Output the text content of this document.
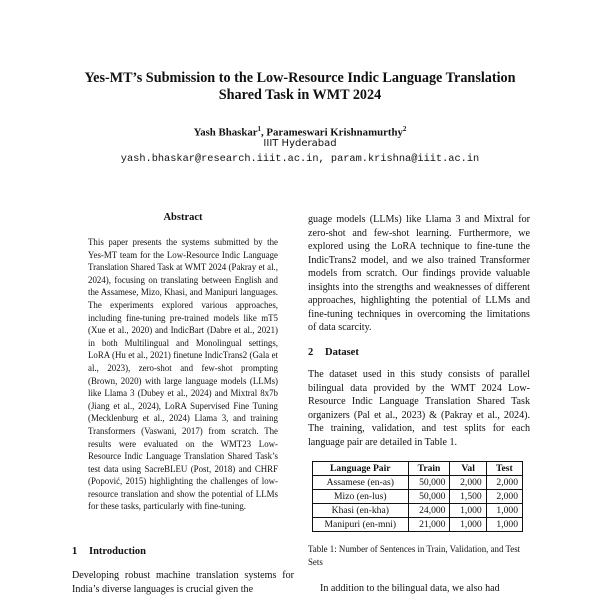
Yes-MT’s Submission to the Low-Resource Indic Language Translation
Shared Task in WMT 2024
Yash Bhaskar$^1$, Parameswari Krishnamurthy$^2$
IIIT Hyderabad
yash.bhaskar@research.iiit.ac.in, param.krishna@iiit.ac.in
Abstract
This paper presents the systems submitted by the Yes-MT team for the Low-Resource Indic Language Translation Shared Task at WMT 2024 (Pakray et al., 2024), focusing on translating between English and the Assamese, Mizo, Khasi, and Manipuri languages. The experiments explored various approaches, including fine-tuning pre-trained models like mT5 (Xue et al., 2020) and IndicBart (Dabre et al., 2021) in both Multilingual and Monolingual settings, LoRA (Hu et al., 2021) finetune IndicTrans2 (Gala et al., 2023), zero-shot and few-shot prompting (Brown, 2020) with large language models (LLMs) like Llama 3 (Dubey et al., 2024) and Mixtral 8x7b (Jiang et al., 2024), LoRA Supervised Fine Tuning (Mecklenburg et al., 2024) Llama 3, and training Transformers (Vaswani, 2017) from scratch. The results were evaluated on the WMT23 Low-Resource Indic Language Translation Shared Task’s test data using SacreBLEU (Post, 2018) and CHRF (Popović, 2015) highlighting the challenges of low-resource translation and show the potential of LLMs for these tasks, particularly with fine-tuning.
1 Introduction
Developing robust machine translation systems for India’s diverse languages is crucial given the
guage models (LLMs) like Llama 3 and Mixtral for zero-shot and few-shot learning. Furthermore, we explored using the LoRA technique to fine-tune the IndicTrans2 model, and we also trained Transformer models from scratch. Our findings provide valuable insights into the strengths and weaknesses of different approaches, highlighting the potential of LLMs and fine-tuning techniques in overcoming the limitations of data scarcity.
2 Dataset
The dataset used in this study consists of parallel bilingual data provided by the WMT 2024 Low-Resource Indic Language Translation Shared Task organizers (Pal et al., 2023) & (Pakray et al., 2024). The training, validation, and test splits for each language pair are detailed in Table 1.
Language Pair	Train	Val	Test
Assamese (en-as)	50,000	2,000	2,000
Mizo (en-lus)	50,000	1,500	2,000
Khasi (en-kha)	24,000	1,000	1,000
Manipuri (en-mni)	21,000	1,000	1,000
Table 1: Number of Sentences in Train, Validation, and Test Sets
In addition to the bilingual data, we also had
